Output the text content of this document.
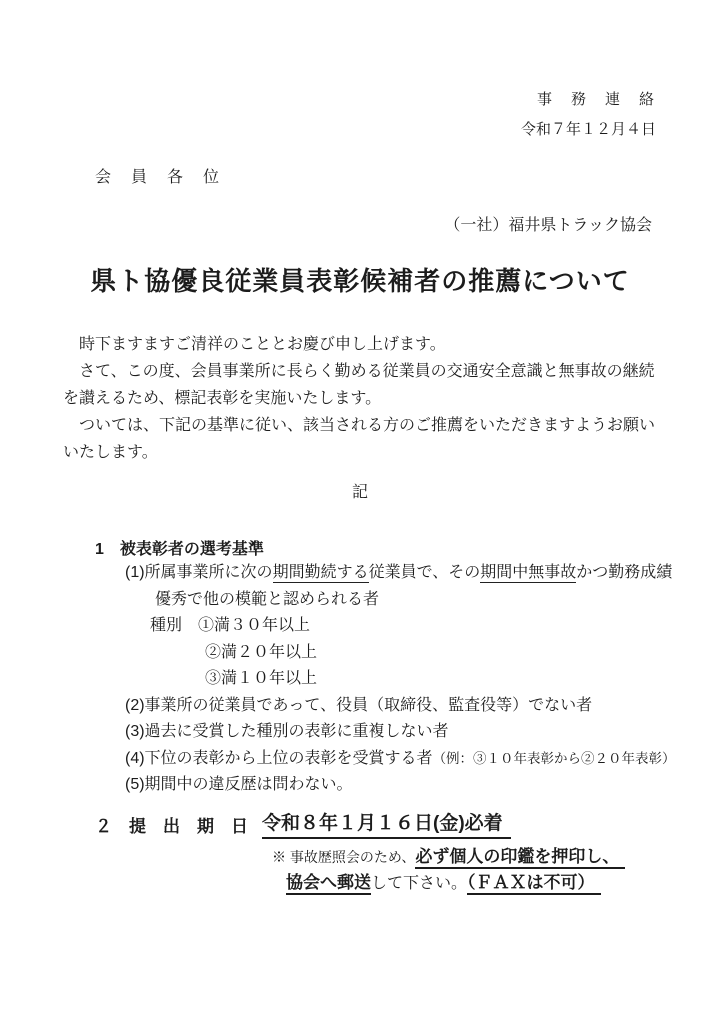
事　務　連　絡
令和７年１２月４日
会　員　各　位
（一社）福井県トラック協会
県ト協優良従業員表彰候補者の推薦について
　時下ますますご清祥のこととお慶び申し上げます。
　さて、この度、会員事業所に長らく勤める従業員の交通安全意識と無事故の継続
を讃えるため、標記表彰を実施いたします。
　ついては、下記の基準に従い、該当される方のご推薦をいただきますようお願い
いたします。
記
1　被表彰者の選考基準
(1)所属事業所に次の期間勤続する従業員で、その期間中無事故かつ勤務成績
優秀で他の模範と認められる者
種別　①満３０年以上
②満２０年以上
③満１０年以上
(2)事業所の従業員であって、役員（取締役、監査役等）でない者
(3)過去に受賞した種別の表彰に重複しない者
(4)下位の表彰から上位の表彰を受賞する者（例：③１０年表彰から②２０年表彰）
(5)期間中の違反歴は問わない。
２　提　出　期　日 令和８年１月１６日(金)必着
※ 事故歴照会のため、必ず個人の印鑑を押印し、
協会へ郵送して下さい。（ＦＡＸは不可）
